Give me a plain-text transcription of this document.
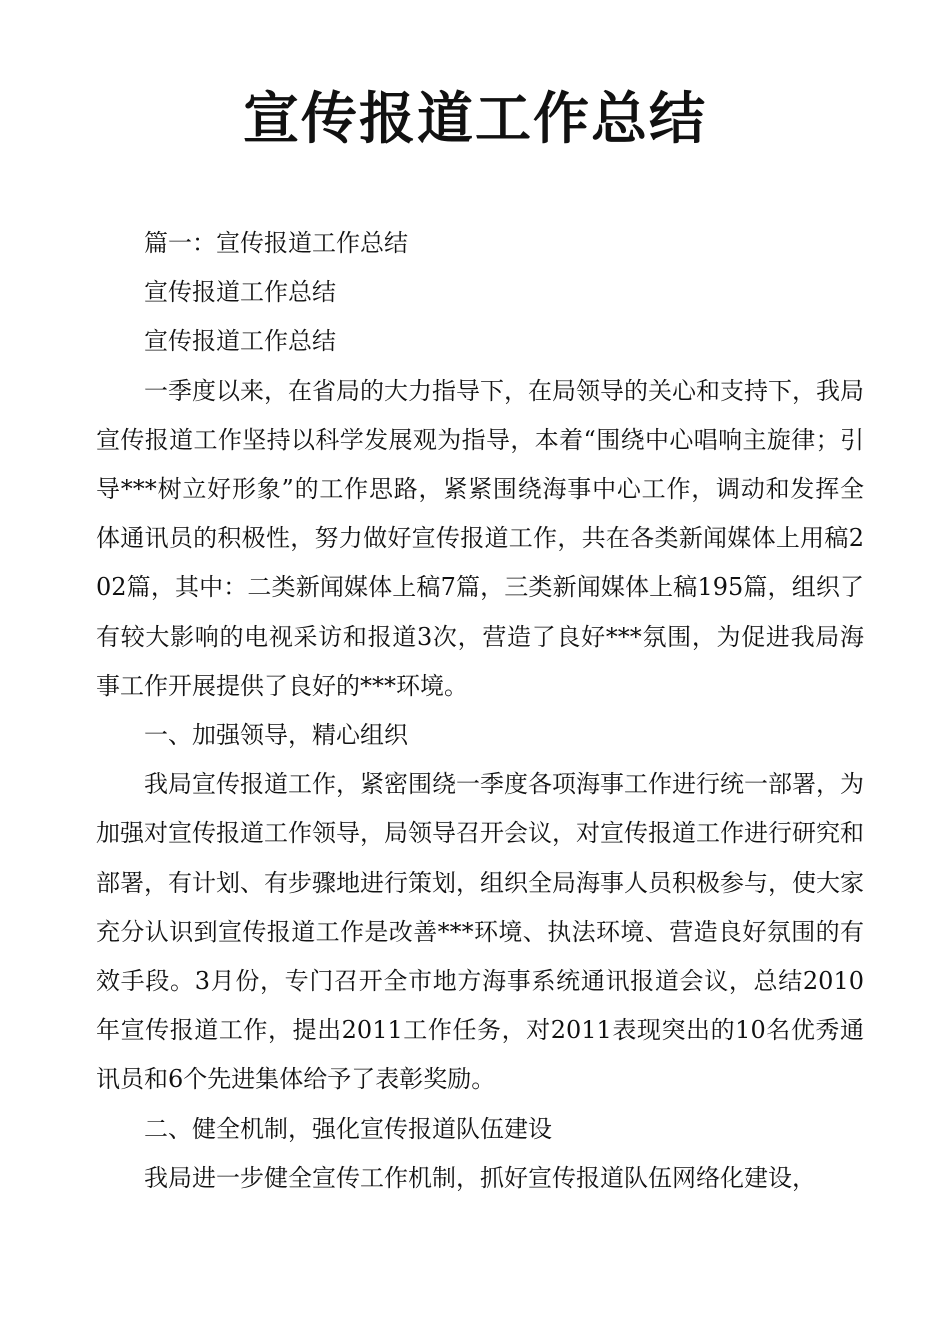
宣传报道工作总结

篇一：宣传报道工作总结

宣传报道工作总结

宣传报道工作总结

一季度以来，在省局的大力指导下，在局领导的关心和支持下，我局宣传报道工作坚持以科学发展观为指导，本着“围绕中心唱响主旋律；引导***树立好形象”的工作思路，紧紧围绕海事中心工作，调动和发挥全体通讯员的积极性，努力做好宣传报道工作，共在各类新闻媒体上用稿202篇，其中：二类新闻媒体上稿7篇，三类新闻媒体上稿195篇，组织了有较大影响的电视采访和报道3次，营造了良好***氛围，为促进我局海事工作开展提供了良好的***环境。

一、加强领导，精心组织

我局宣传报道工作，紧密围绕一季度各项海事工作进行统一部署，为加强对宣传报道工作领导，局领导召开会议，对宣传报道工作进行研究和部署，有计划、有步骤地进行策划，组织全局海事人员积极参与，使大家充分认识到宣传报道工作是改善***环境、执法环境、营造良好氛围的有效手段。3月份，专门召开全市地方海事系统通讯报道会议，总结2010年宣传报道工作，提出2011工作任务，对2011表现突出的10名优秀通讯员和6个先进集体给予了表彰奖励。

二、健全机制，强化宣传报道队伍建设

我局进一步健全宣传工作机制，抓好宣传报道队伍网络化建设，
